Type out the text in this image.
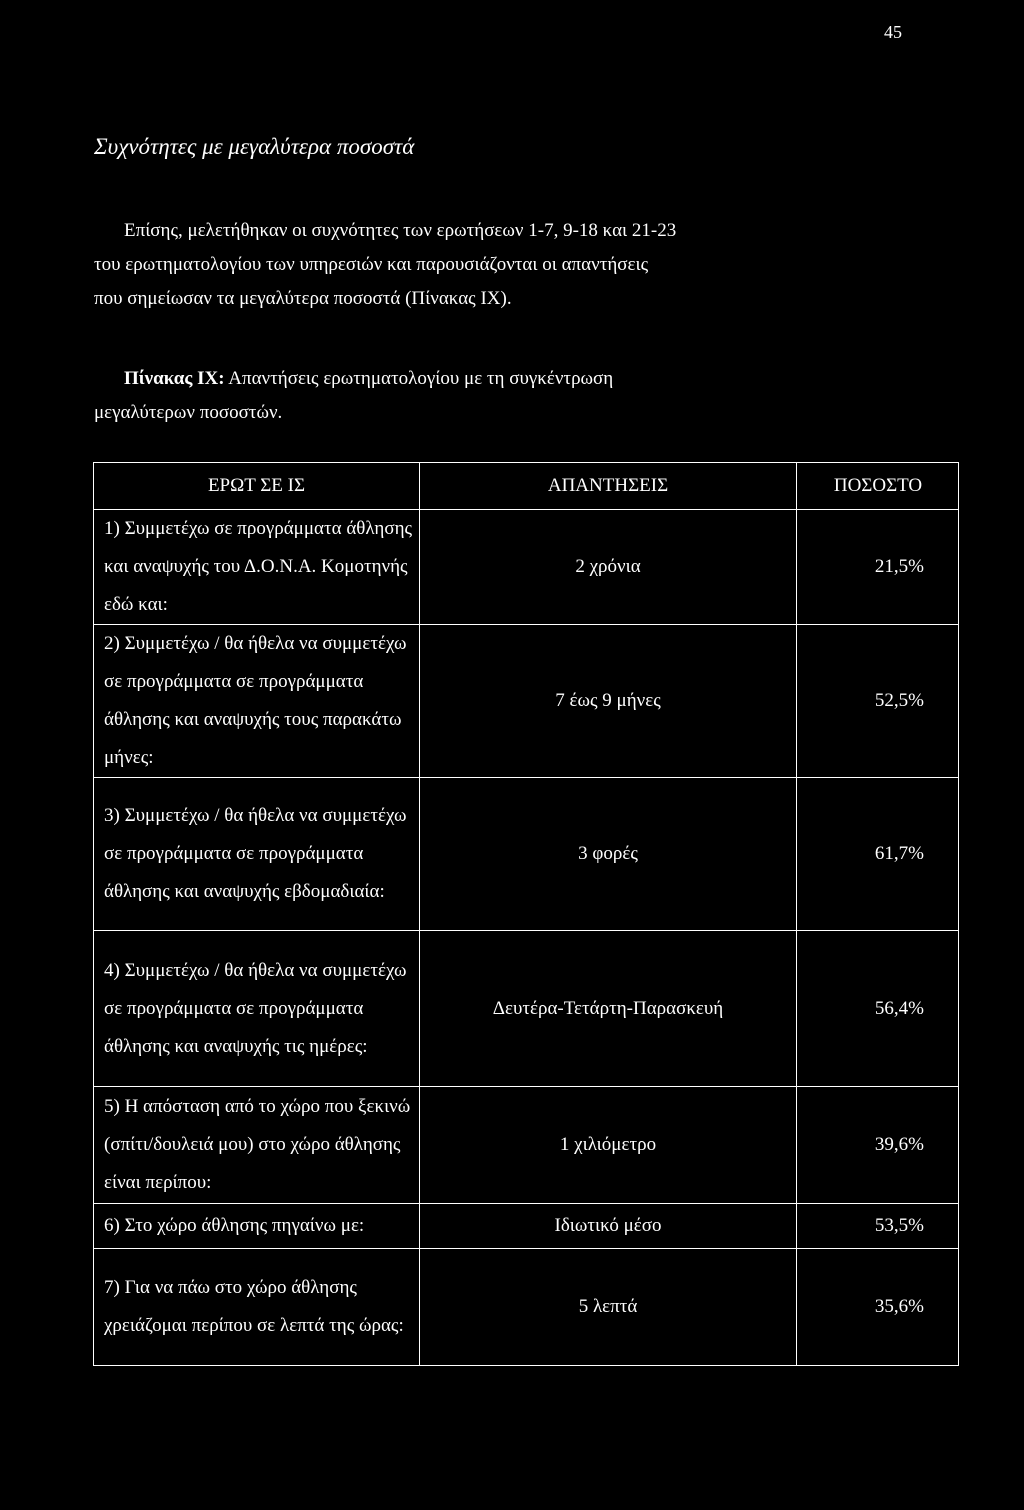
45
Συχνότητες με μεγαλύτερα ποσοστά
Επίσης, μελετήθηκαν οι συχνότητες των ερωτήσεων 1-7, 9-18 και 21-23
του ερωτηματολογίου των υπηρεσιών και παρουσιάζονται οι απαντήσεις
που σημείωσαν τα μεγαλύτερα ποσοστά (Πίνακας ΙΧ).
Πίνακας ΙΧ: Απαντήσεις ερωτηματολογίου με τη συγκέντρωση
μεγαλύτερων ποσοστών.
ΕΡΩΤ ΣΕ ΙΣ	ΑΠΑΝΤΗΣΕΙΣ	ΠΟΣΟΣΤΟ

1) Συμμετέχω σε προγράμματα άθλησης και αναψυχής του Δ.Ο.Ν.Α. Κομοτηνής εδώ και:	2 χρόνια	21,5%

2) Συμμετέχω / θα ήθελα να συμμετέχω σε προγράμματα σε προγράμματα άθλησης και αναψυχής τους παρακάτω μήνες:	7 έως 9 μήνες	52,5%

3) Συμμετέχω / θα ήθελα να συμμετέχω σε προγράμματα σε προγράμματα άθλησης και αναψυχής εβδομαδιαία:	3 φορές	61,7%

4) Συμμετέχω / θα ήθελα να συμμετέχω σε προγράμματα σε προγράμματα άθλησης και αναψυχής τις ημέρες:	Δευτέρα-Τετάρτη-Παρασκευή	56,4%

5) Η απόσταση από το χώρο που ξεκινώ (σπίτι/δουλειά μου) στο χώρο άθλησης είναι περίπου:	1 χιλιόμετρο	39,6%

6) Στο χώρο άθλησης πηγαίνω με:	Ιδιωτικό μέσο	53,5%

7) Για να πάω στο χώρο άθλησης χρειάζομαι περίπου σε λεπτά της ώρας:	5 λεπτά	35,6%
